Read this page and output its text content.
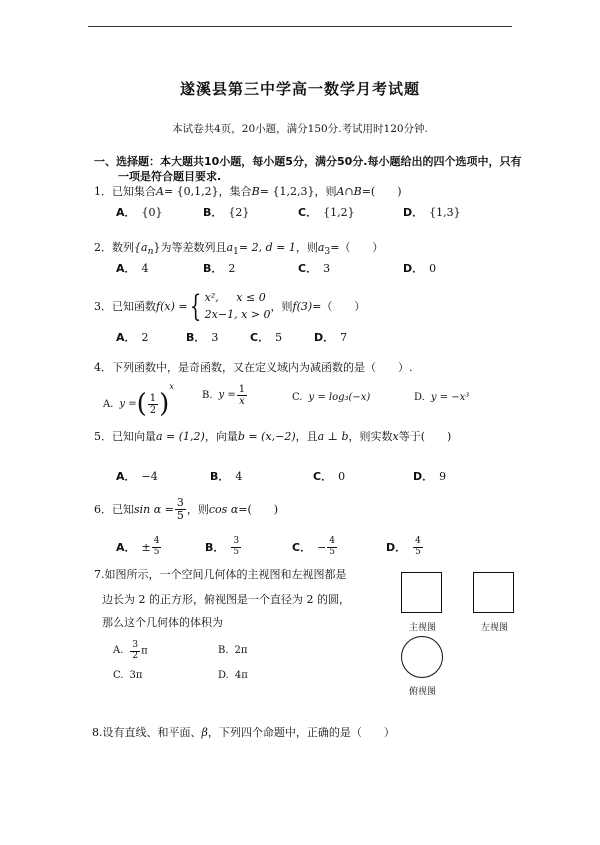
遂溪县第三中学高一数学月考试题
本试卷共4页，20小题，满分150分.考试用时120分钟.
一、选择题：本大题共10小题，每小题5分，满分50分.每小题给出的四个选项中，只有
一项是符合题目要求.
1．已知集合A= {0,1,2}，集合B= {1,2,3}，则A∩B=(　　)
A． {0}	B． {2}	C． {1,2}	D． {1,3}
2．数列$\{a_n\}$为等差数列且$a_1= 2$, d = 1，则$a_3=$（　　）
A． 4	B． 2	C． 3	D． 0
3．已知函数f(x) ={ x², x ≤ 0
2x−1, x > 0
，则f(3)=（　　）
A． 2	B． 3	C． 5	D． 7
4．下列函数中，是奇函数，又在定义域内为减函数的是（　　）.
A. y =( $\frac{1}{2} )^x$
B. $y = \frac{1}{x}$	C. y = log₃(−x)	D. y = −x³
5．已知向量a = (1,2)，向量b = (x,−2)，且a ⊥ b，则实数x等于(　　)
A． −4	B． 4	C． 0	D． 9
6．已知$\sin \alpha = \frac{3}{5}$ ，则cos α=(　　)
A． ± $\frac{4}{5}$	B． $\frac{3}{5}$	C． − $\frac{4}{5}$	D． $\frac{4}{5}$
7.如图所示，一个空间几何体的主视图和左视图都是
边长为 2 的正方形，俯视图是一个直径为 2 的圆，
那么这个几何体的体积为
A. $\frac{3}{2}$ π	B. 2π
C. 3π	D. 4π
主视图	左视图
俯视图
8.设有直线、和平面、β，下列四个命题中，正确的是（　　）
